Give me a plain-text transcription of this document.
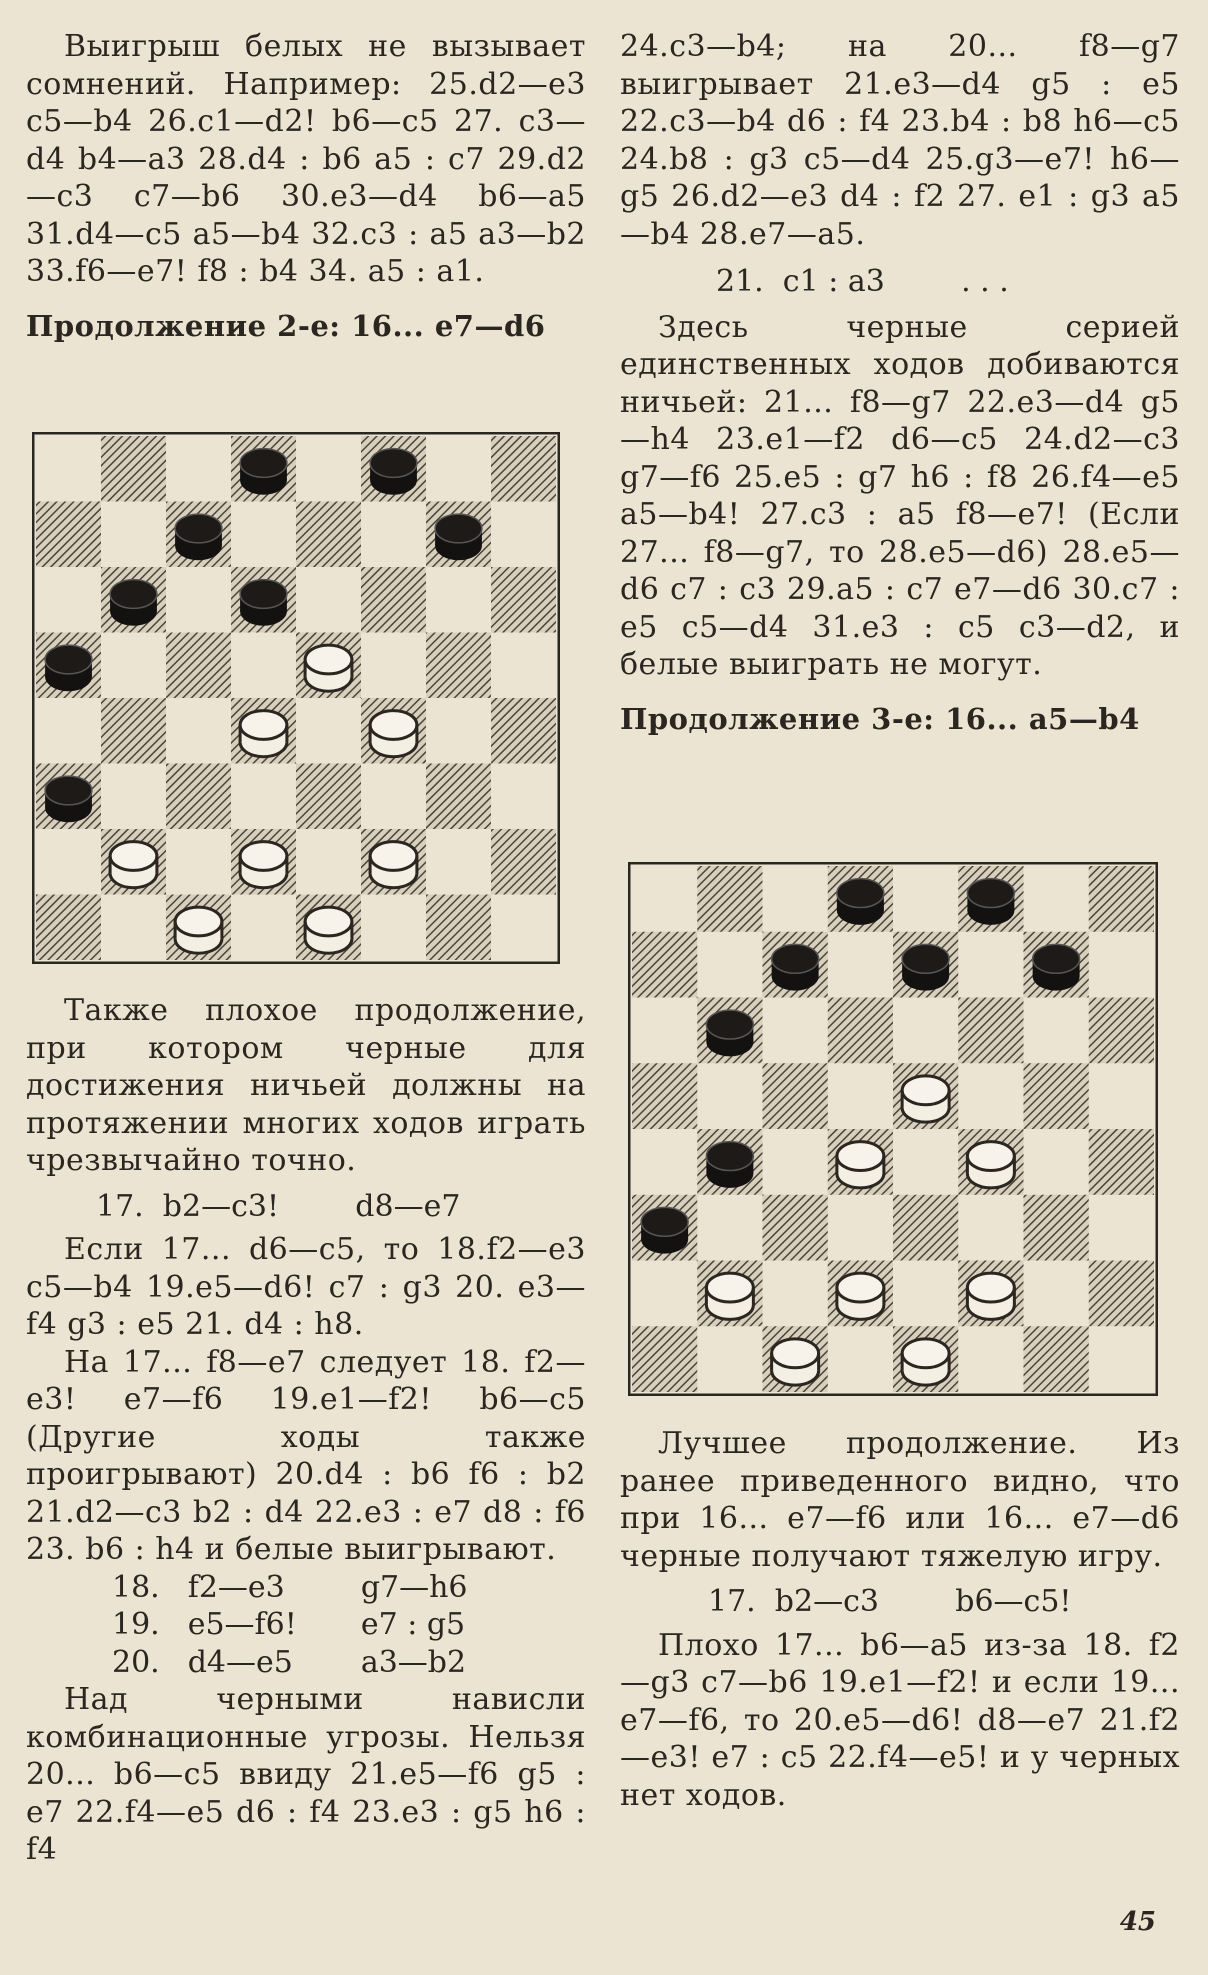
Выигрыш белых не вызывает сомнений. Например: 25.d2—e3 c5—b4 26.c1—d2! b6—c5 27. c3—d4 b4—a3 28.d4 : b6 a5 : c7 29.d2—c3 c7—b6 30.e3—d4 b6—a5 31.d4—c5 a5—b4 32.c3 : a5 a3—b2 33.f6—e7! f8 : b4 34. a5 : a1.

Продолжение 2-е: 16... e7—d6

Также плохое продолжение, при котором черные для достижения ничьей должны на протяжении многих ходов играть чрезвычайно точно.

17.  b2—c3!        d8—e7

Если 17... d6—c5, то 18.f2—e3 c5—b4 19.e5—d6! c7 : g3 20. e3—f4 g3 : e5 21. d4 : h8.

На 17... f8—e7 следует 18. f2—e3! e7—f6 19.e1—f2! b6—c5 (Другие ходы также проигрывают) 20.d4 : b6 f6 : b2 21.d2—c3 b2 : d4 22.e3 : e7 d8 : f6 23. b6 : h4 и белые выигрывают.

18.	f2—e3	g7—h6
19.	e5—f6!	e7 : g5
20.	d4—e5	a3—b2

Над черными нависли комбинационные угрозы. Нельзя 20... b6—c5 ввиду 21.e5—f6 g5 : e7 22.f4—e5 d6 : f4 23.e3 : g5 h6 : f4

24.c3—b4; на 20... f8—g7 выигрывает 21.e3—d4 g5 : e5 22.c3—b4 d6 : f4 23.b4 : b8 h6—c5 24.b8 : g3 c5—d4 25.g3—e7! h6—g5 26.d2—e3 d4 : f2 27. e1 : g3 a5—b4 28.e7—a5.

21.  c1 : a3        . . .

Здесь черные серией единственных ходов добиваются ничьей: 21... f8—g7 22.e3—d4 g5—h4 23.e1—f2 d6—c5 24.d2—c3 g7—f6 25.e5 : g7 h6 : f8 26.f4—e5 a5—b4! 27.c3 : a5 f8—e7! (Если 27... f8—g7, то 28.e5—d6) 28.e5—d6 c7 : c3 29.a5 : c7 e7—d6 30.c7 : e5 c5—d4 31.e3 : c5 c3—d2, и белые выиграть не могут.

Продолжение 3-е: 16... a5—b4

Лучшее продолжение. Из ранее приведенного видно, что при 16... e7—f6 или 16... e7—d6 черные получают тяжелую игру.

17.  b2—c3        b6—c5!

Плохо 17... b6—a5 из-за 18. f2—g3 c7—b6 19.e1—f2! и если 19... e7—f6, то 20.e5—d6! d8—e7 21.f2—e3! e7 : c5 22.f4—e5! и у черных нет ходов.

45
